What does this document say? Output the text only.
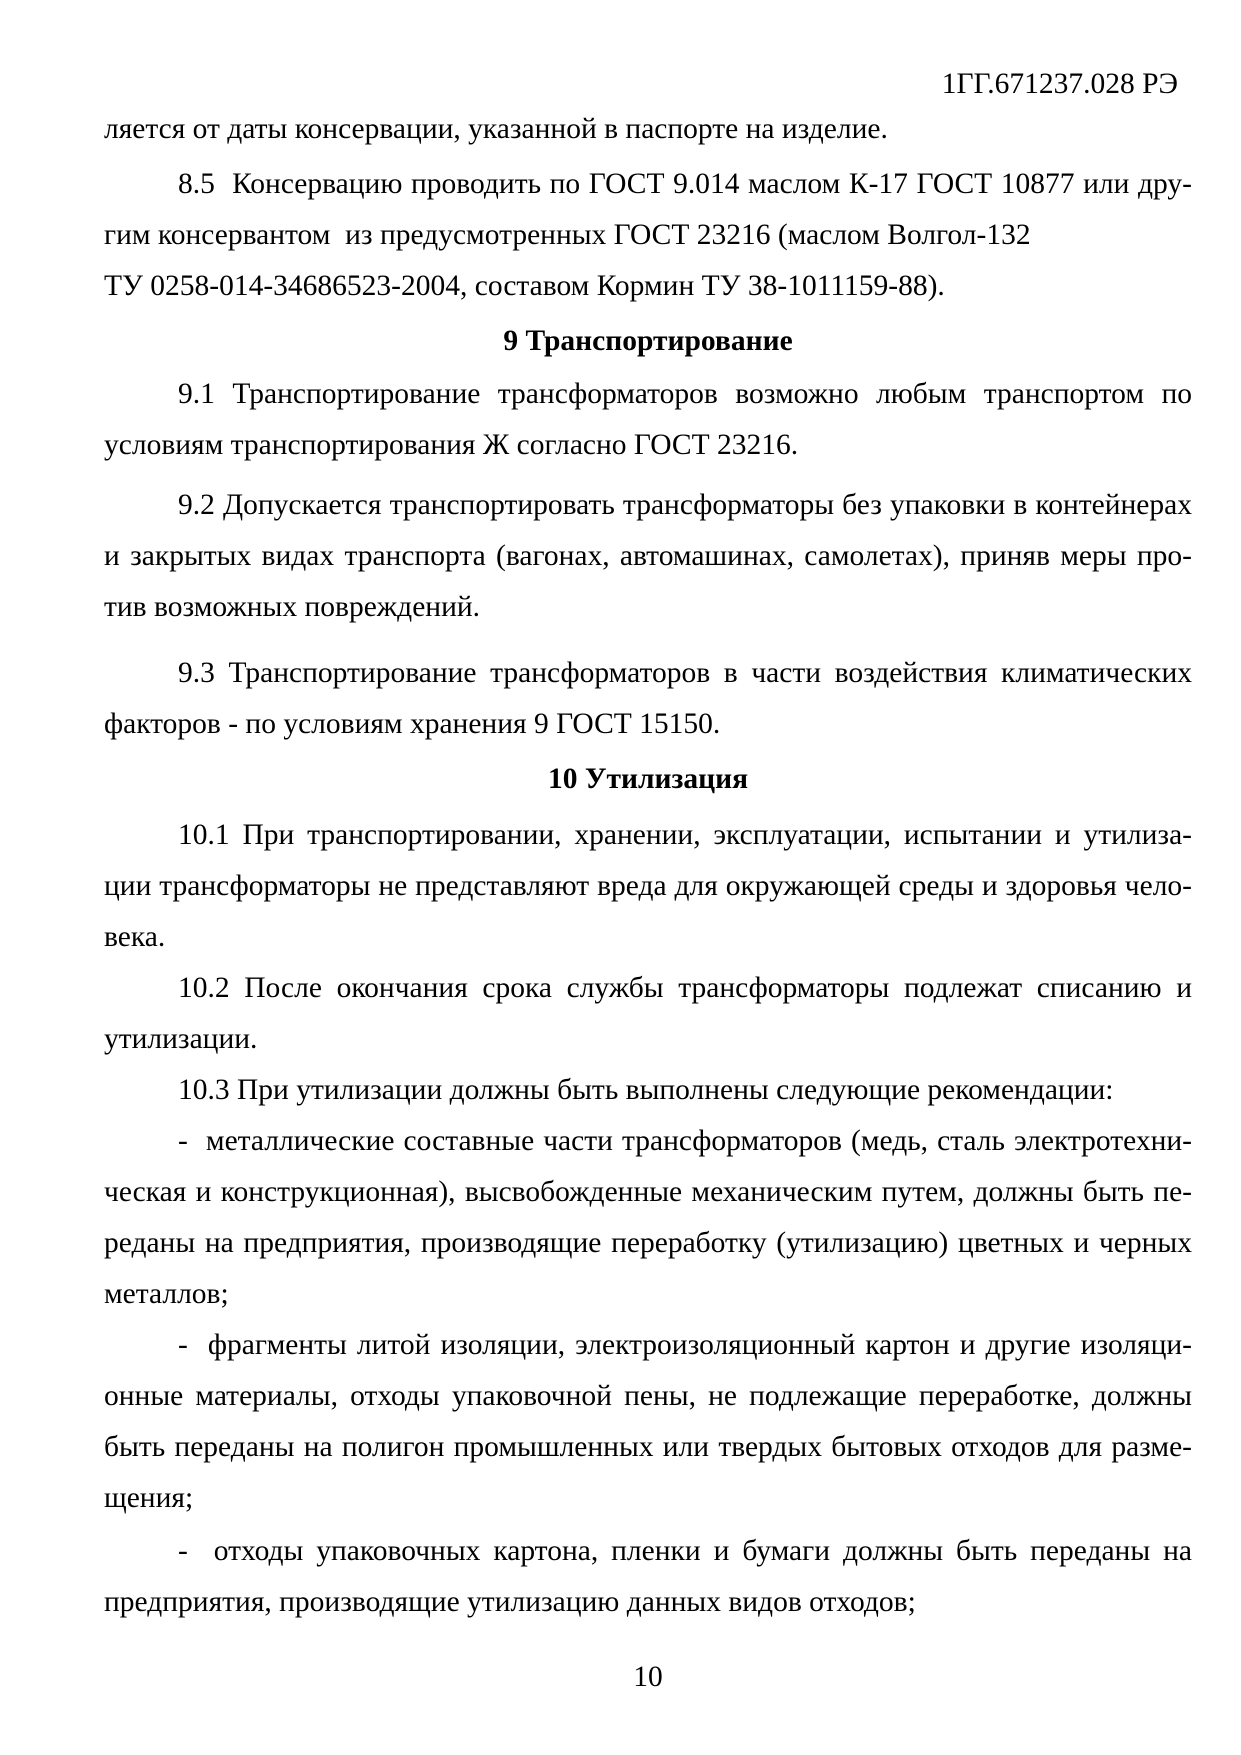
1ГГ.671237.028 РЭ
ляется от даты консервации, указанной в паспорте на изделие.
8.5  Консервацию проводить по ГОСТ 9.014 маслом К-17 ГОСТ 10877 или дру-
гим консервантом  из предусмотренных ГОСТ 23216 (маслом Волгол-132
ТУ 0258-014-34686523-2004, составом Кормин ТУ 38-1011159-88).
9 Транспортирование
9.1 Транспортирование трансформаторов возможно любым транспортом по
условиям транспортирования Ж согласно ГОСТ 23216.
9.2 Допускается транспортировать трансформаторы без упаковки в контейнерах
и закрытых видах транспорта (вагонах, автомашинах, самолетах), приняв меры про-
тив возможных повреждений.
9.3 Транспортирование трансформаторов в части воздействия климатических
факторов - по условиям хранения 9 ГОСТ 15150.
10 Утилизация
10.1 При транспортировании, хранении, эксплуатации, испытании и утилиза-
ции трансформаторы не представляют вреда для окружающей среды и здоровья чело-
века.
10.2 После окончания срока службы трансформаторы подлежат списанию и
утилизации.
10.3 При утилизации должны быть выполнены следующие рекомендации:
-  металлические составные части трансформаторов (медь, сталь электротехни-
ческая и конструкционная), высвобожденные механическим путем, должны быть пе-
реданы на предприятия, производящие переработку (утилизацию) цветных и черных
металлов;
-  фрагменты литой изоляции, электроизоляционный картон и другие изоляци-
онные материалы, отходы упаковочной пены, не подлежащие переработке, должны
быть переданы на полигон промышленных или твердых бытовых отходов для разме-
щения;
-  отходы упаковочных картона, пленки и бумаги должны быть переданы на
предприятия, производящие утилизацию данных видов отходов;
10
